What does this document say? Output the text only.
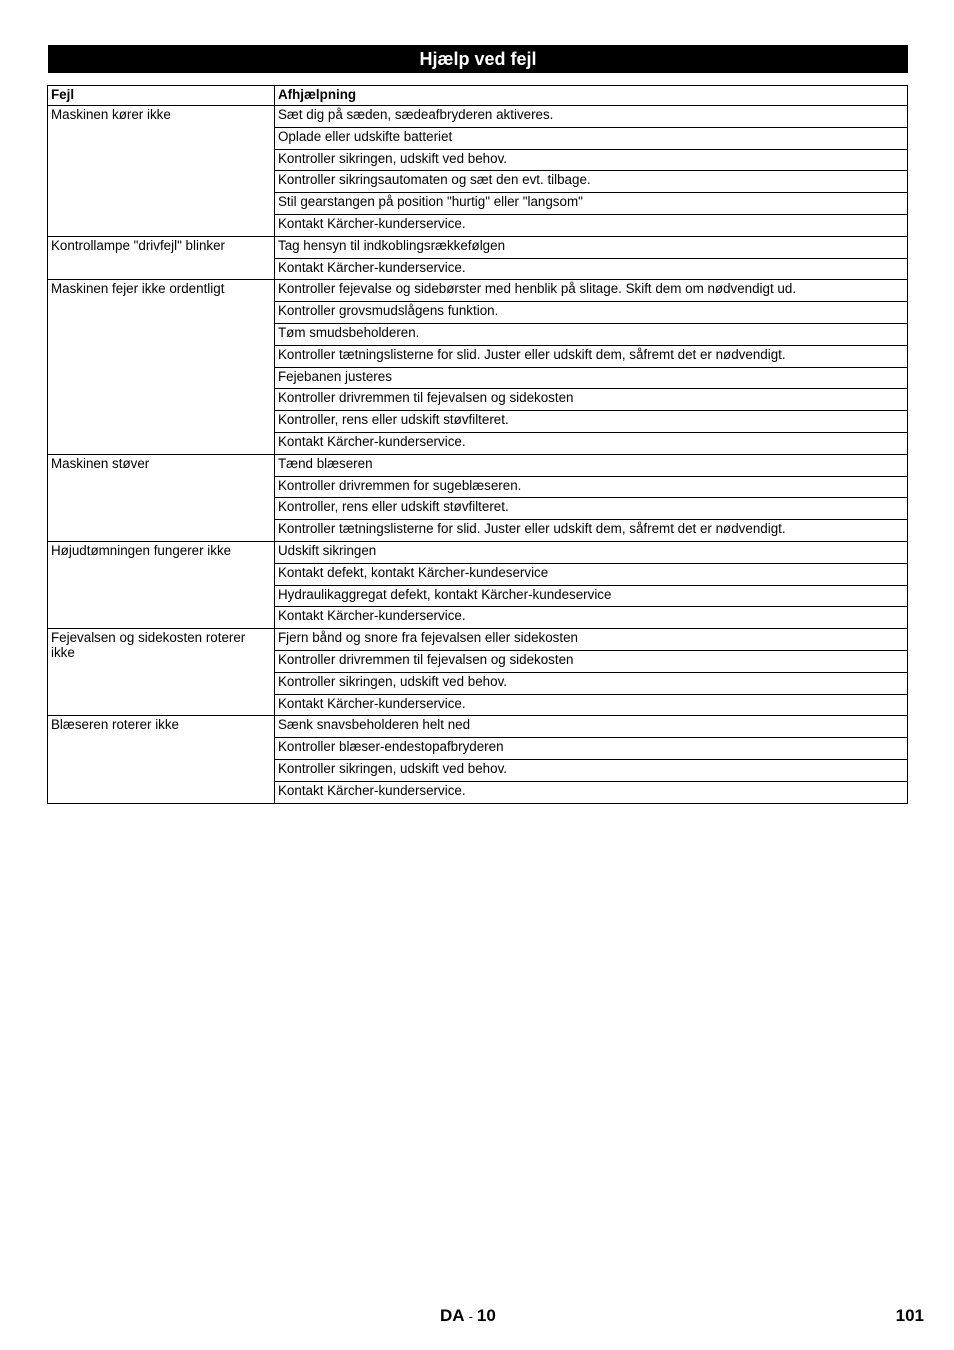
Hjælp ved fejl
Fejl	Afhjælpning
Maskinen kører ikke	Sæt dig på sæden, sædeafbryderen aktiveres.
	Oplade eller udskifte batteriet
	Kontroller sikringen, udskift ved behov.
	Kontroller sikringsautomaten og sæt den evt. tilbage.
	Stil gearstangen på position "hurtig" eller "langsom"
	Kontakt Kärcher-kunderservice.
Kontrollampe "drivfejl" blinker	Tag hensyn til indkoblingsrækkefølgen
	Kontakt Kärcher-kunderservice.
Maskinen fejer ikke ordentligt	Kontroller fejevalse og sidebørster med henblik på slitage. Skift dem om nødvendigt ud.
	Kontroller grovsmudslågens funktion.
	Tøm smudsbeholderen.
	Kontroller tætningslisterne for slid. Juster eller udskift dem, såfremt det er nødvendigt.
	Fejebanen justeres
	Kontroller drivremmen til fejevalsen og sidekosten
	Kontroller, rens eller udskift støvfilteret.
	Kontakt Kärcher-kunderservice.
Maskinen støver	Tænd blæseren
	Kontroller drivremmen for sugeblæseren.
	Kontroller, rens eller udskift støvfilteret.
	Kontroller tætningslisterne for slid. Juster eller udskift dem, såfremt det er nødvendigt.
Højudtømningen fungerer ikke	Udskift sikringen
	Kontakt defekt, kontakt Kärcher-kundeservice
	Hydraulikaggregat defekt, kontakt Kärcher-kundeservice
	Kontakt Kärcher-kunderservice.
Fejevalsen og sidekosten roterer ikke	Fjern bånd og snore fra fejevalsen eller sidekosten
	Kontroller drivremmen til fejevalsen og sidekosten
	Kontroller sikringen, udskift ved behov.
	Kontakt Kärcher-kunderservice.
Blæseren roterer ikke	Sænk snavsbeholderen helt ned
	Kontroller blæser-endestopafbryderen
	Kontroller sikringen, udskift ved behov.
	Kontakt Kärcher-kunderservice.
DA - 10	101
